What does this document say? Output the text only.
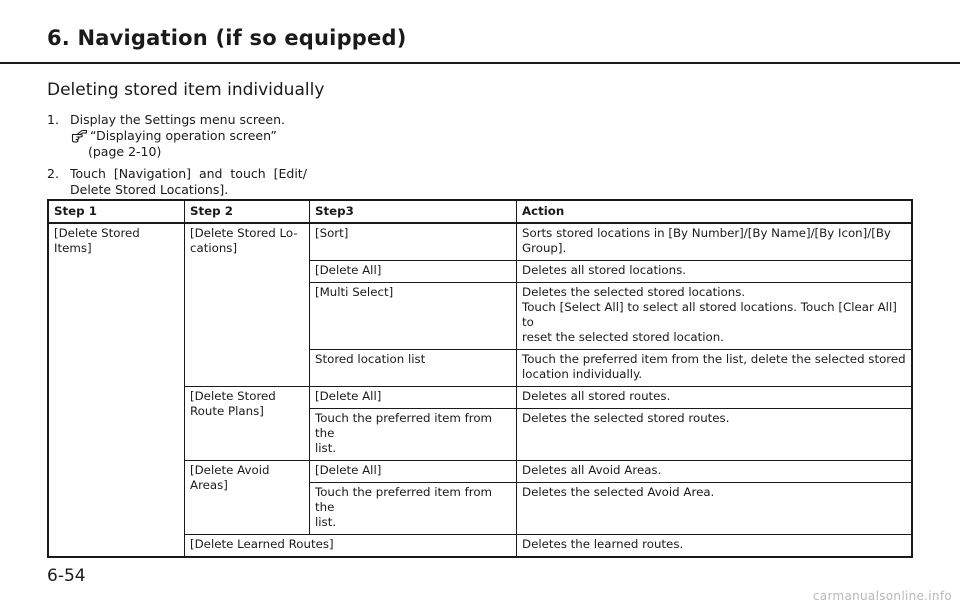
6. Navigation (if so equipped)
Deleting stored item individually
1. Display the Settings menu screen.
“Displaying operation screen”
(page 2-10)
2. Touch  [Navigation]  and  touch  [Edit/
Delete Stored Locations].
Step 1	Step 2	Step3	Action
[Delete Stored Items]	[Delete Stored Lo-
cations]	[Sort]	Sorts stored locations in [By Number]/[By Name]/[By Icon]/[By
Group].

		[Delete All]	Deletes all stored locations.
		[Multi Select]	Deletes the selected stored locations.
Touch [Select All] to select all stored locations. Touch [Clear All] to
reset the selected stored location.

		Stored location list	Touch the preferred item from the list, delete the selected stored
location individually.

	[Delete Stored
Route Plans]	[Delete All]	Deletes all stored routes.

		Touch the preferred item from the
list.	Deletes the selected stored routes.

	[Delete Avoid
Areas]	[Delete All]	Deletes all Avoid Areas.

		Touch the preferred item from the
list.	Deletes the selected Avoid Area.
	[Delete Learned Routes]		Deletes the learned routes.
6-54
carmanualsonline.info
